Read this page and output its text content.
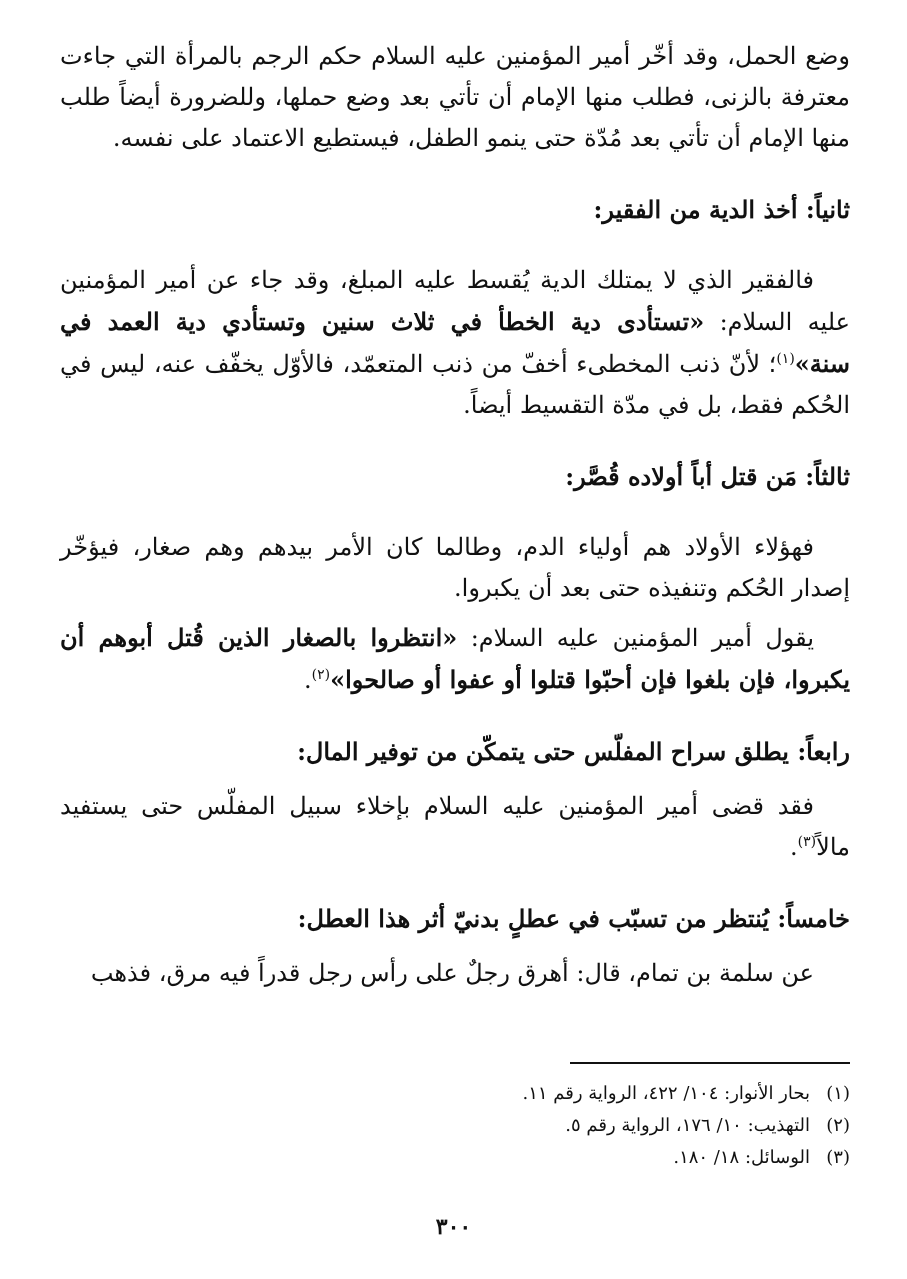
وضع الحمل، وقد أخّر أمير المؤمنين عليه السلام حكم الرجم بالمرأة التي جاءت معترفة بالزنى، فطلب منها الإمام أن تأتي بعد وضع حملها، وللضرورة أيضاً طلب منها الإمام أن تأتي بعد مُدّة حتى ينمو الطفل، فيستطيع الاعتماد على نفسه.

ثانياً: أخذ الدية من الفقير:

فالفقير الذي لا يمتلك الدية يُقسط عليه المبلغ، وقد جاء عن أمير المؤمنين عليه السلام: «تستأدى دية الخطأ في ثلاث سنين وتستأدي دية العمد في سنة»$^{(١)}$؛ لأنّ ذنب المخطىء أخفّ من ذنب المتعمّد، فالأوّل يخفّف عنه، ليس في الحُكم فقط، بل في مدّة التقسيط أيضاً.

ثالثاً: مَن قتل أباً أولاده قُصَّر:

فهؤلاء الأولاد هم أولياء الدم، وطالما كان الأمر بيدهم وهم صغار، فيؤخّر إصدار الحُكم وتنفيذه حتى بعد أن يكبروا.

يقول أمير المؤمنين عليه السلام: «انتظروا بالصغار الذين قُتل أبوهم أن يكبروا، فإن بلغوا فإن أحبّوا قتلوا أو عفوا أو صالحوا»$^{(٢)}$.

رابعاً: يطلق سراح المفلّس حتى يتمكّن من توفير المال:

فقد قضى أمير المؤمنين عليه السلام بإخلاء سبيل المفلّس حتى يستفيد مالاً$^{(٣)}$.

خامساً: يُنتظر من تسبّب في عطلٍ بدنيّ أثر هذا العطل:

عن سلمة بن تمام، قال: أهرق رجلٌ على رأس رجل قدراً فيه مرق، فذهب

(١)بحار الأنوار: ١٠٤/ ٤٢٢، الرواية رقم ١١.

(٢)التهذيب: ١٠/ ١٧٦، الرواية رقم ٥.

(٣)الوسائل: ١٨/ ١٨٠.

٣٠٠
